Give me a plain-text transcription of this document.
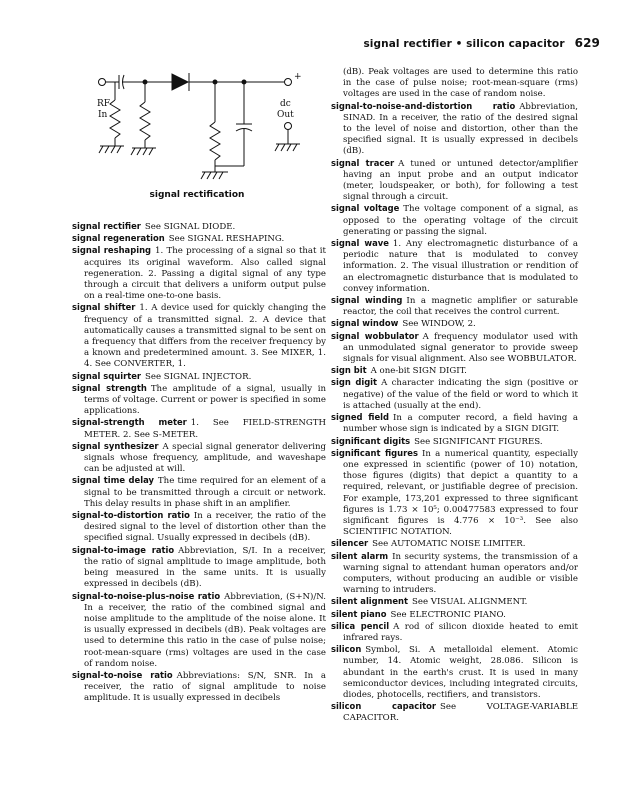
signal rectifier • silicon capacitor 629
RF
In
dc
Out
+
signal rectification
signal rectifier See SIGNAL DIODE.
signal regeneration See SIGNAL RESHAPING.
signal reshaping 1. The processing of a signal so that it acquires its original waveform. Also called signal regeneration. 2. Passing a digital signal of any type through a circuit that delivers a uniform output pulse on a real-time one-to-one basis.
signal shifter 1. A device used for quickly changing the frequency of a transmitted signal. 2. A device that automatically causes a transmitted signal to be sent on a frequency that differs from the receiver frequency by a known and predetermined amount. 3. See MIXER, 1. 4. See CONVERTER, 1.
signal squirter See SIGNAL INJECTOR.
signal strength The amplitude of a signal, usually in terms of voltage. Current or power is specified in some applications.
signal-strength meter 1. See FIELD-STRENGTH METER. 2. See S-METER.
signal synthesizer A special signal generator delivering signals whose frequency, amplitude, and waveshape can be adjusted at will.
signal time delay The time required for an element of a signal to be transmitted through a circuit or network. This delay results in phase shift in an amplifier.
signal-to-distortion ratio In a receiver, the ratio of the desired signal to the level of distortion other than the specified signal. Usually expressed in decibels (dB).
signal-to-image ratio Abbreviation, S/I. In a receiver, the ratio of signal amplitude to image amplitude, both being measured in the same units. It is usually expressed in decibels (dB).
signal-to-noise-plus-noise ratio Abbreviation, (S+N)/N. In a receiver, the ratio of the combined signal and noise amplitude to the amplitude of the noise alone. It is usually expressed in decibels (dB). Peak voltages are used to determine this ratio in the case of pulse noise; root-mean-square (rms) voltages are used in the case of random noise.
signal-to-noise ratio Abbreviations: S/N, SNR. In a receiver, the ratio of signal amplitude to noise amplitude. It is usually expressed in decibels
(dB). Peak voltages are used to determine this ratio in the case of pulse noise; root-mean-square (rms) voltages are used in the case of random noise.
signal-to-noise-and-distortion ratio Abbreviation, SINAD. In a receiver, the ratio of the desired signal to the level of noise and distortion, other than the specified signal. It is usually expressed in decibels (dB).
signal tracer A tuned or untuned detector/amplifier having an input probe and an output indicator (meter, loudspeaker, or both), for following a test signal through a circuit.
signal voltage The voltage component of a signal, as opposed to the operating voltage of the circuit generating or passing the signal.
signal wave 1. Any electromagnetic disturbance of a periodic nature that is modulated to convey information. 2. The visual illustration or rendition of an electromagnetic disturbance that is modulated to convey information.
signal winding In a magnetic amplifier or saturable reactor, the coil that receives the control current.
signal window See WINDOW, 2.
signal wobbulator A frequency modulator used with an unmodulated signal generator to provide sweep signals for visual alignment. Also see WOBBULATOR.
sign bit A one-bit SIGN DIGIT.
sign digit A character indicating the sign (positive or negative) of the value of the field or word to which it is attached (usually at the end).
signed field In a computer record, a field having a number whose sign is indicated by a SIGN DIGIT.
significant digits See SIGNIFICANT FIGURES.
significant figures In a numerical quantity, especially one expressed in scientific (power of 10) notation, those figures (digits) that depict a quantity to a required, relevant, or justifiable degree of precision. For example, 173,201 expressed to three significant figures is 1.73 × 10⁵; 0.00477583 expressed to four significant figures is 4.776 × 10⁻³. See also SCIENTIFIC NOTATION.
silencer See AUTOMATIC NOISE LIMITER.
silent alarm In security systems, the transmission of a warning signal to attendant human operators and/or computers, without producing an audible or visible warning to intruders.
silent alignment See VISUAL ALIGNMENT.
silent piano See ELECTRONIC PIANO.
silica pencil A rod of silicon dioxide heated to emit infrared rays.
silicon Symbol, Si. A metalloidal element. Atomic number, 14. Atomic weight, 28.086. Silicon is abundant in the earth's crust. It is used in many semiconductor devices, including integrated circuits, diodes, photocells, rectifiers, and transistors.
silicon capacitor See VOLTAGE-VARIABLE CAPACITOR.
